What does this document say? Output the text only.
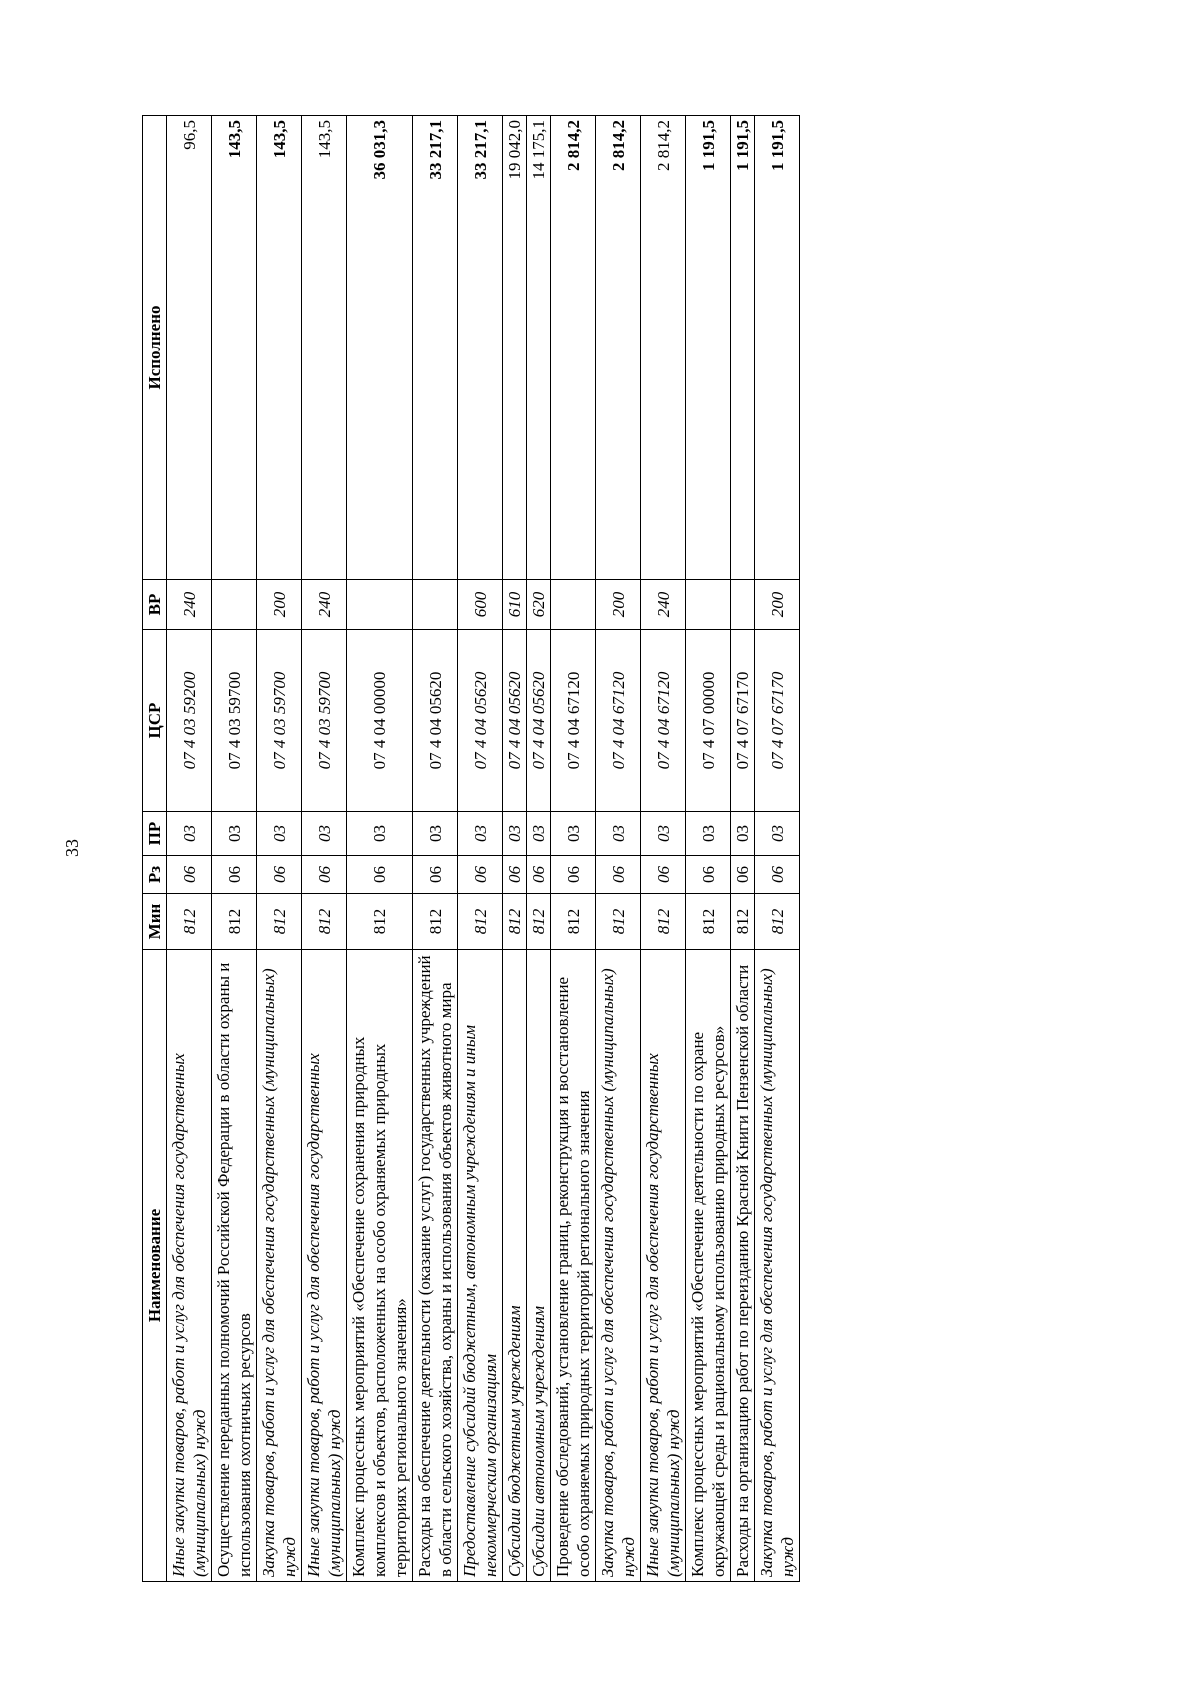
33
Наименование	Мин	Рз	ПР	ЦСР	ВР	Исполнено
Иные закупки товаров, работ и услуг для обеспечения государственных (муниципальных) нужд	812	06	03	07 4 03 59200	240	96,5
Осуществление переданных полномочий Российской Федерации в области охраны и использования охотничьих ресурсов	812	06	03	07 4 03 59700		143,5
Закупка товаров, работ и услуг для обеспечения государственных (муниципальных) нужд	812	06	03	07 4 03 59700	200	143,5
Иные закупки товаров, работ и услуг для обеспечения государственных (муниципальных) нужд	812	06	03	07 4 03 59700	240	143,5
Комплекс процессных мероприятий «Обеспечение сохранения природных комплексов и объектов, расположенных на особо охраняемых природных территориях регионального значения»	812	06	03	07 4 04 00000		36 031,3
Расходы на обеспечение деятельности (оказание услуг) государственных учреждений в области сельского хозяйства, охраны и использования объектов животного мира	812	06	03	07 4 04 05620		33 217,1
Предоставление субсидий бюджетным, автономным учреждениям и иным некоммерческим организациям	812	06	03	07 4 04 05620	600	33 217,1
Субсидии бюджетным учреждениям	812	06	03	07 4 04 05620	610	19 042,0
Субсидии автономным учреждениям	812	06	03	07 4 04 05620	620	14 175,1
Проведение обследований, установление границ, реконструкция и восстановление особо охраняемых природных территорий регионального значения	812	06	03	07 4 04 67120		2 814,2
Закупка товаров, работ и услуг для обеспечения государственных (муниципальных) нужд	812	06	03	07 4 04 67120	200	2 814,2
Иные закупки товаров, работ и услуг для обеспечения государственных (муниципальных) нужд	812	06	03	07 4 04 67120	240	2 814,2
Комплекс процессных мероприятий «Обеспечение деятельности по охране окружающей среды и рациональному использованию природных ресурсов»	812	06	03	07 4 07 00000		1 191,5
Расходы на организацию работ по переизданию Красной Книги Пензенской области	812	06	03	07 4 07 67170		1 191,5
Закупка товаров, работ и услуг для обеспечения государственных (муниципальных) нужд	812	06	03	07 4 07 67170	200	1 191,5
